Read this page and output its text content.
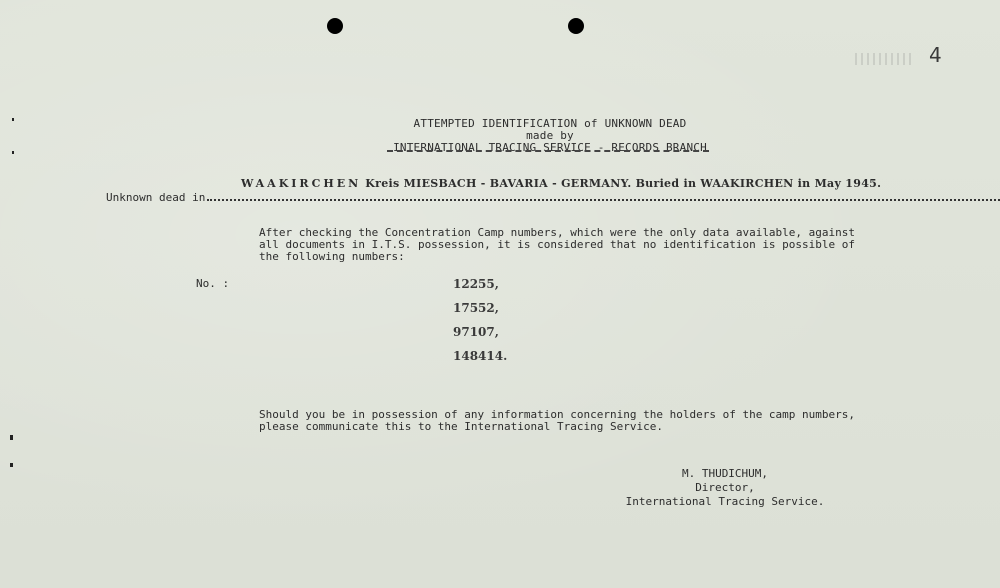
4
ATTEMPTED IDENTIFICATION of UNKNOWN DEAD
made by
INTERNATIONAL TRACING SERVICE - RECORDS BRANCH
WAAKIRCHEN Kreis MIESBACH - BAVARIA - GERMANY. Buried in WAAKIRCHEN in May 1945.
Unknown dead in
After checking the Concentration Camp numbers, which were the only data available, against all documents in I.T.S. possession, it is considered that no identification is possible of the following numbers:
No. :	12255,
17552,
97107,
148414.
Should you be in possession of any information concerning the holders of the camp numbers, please communicate this to the International Tracing Service.
M. THUDICHUM,
Director,
International Tracing Service.
